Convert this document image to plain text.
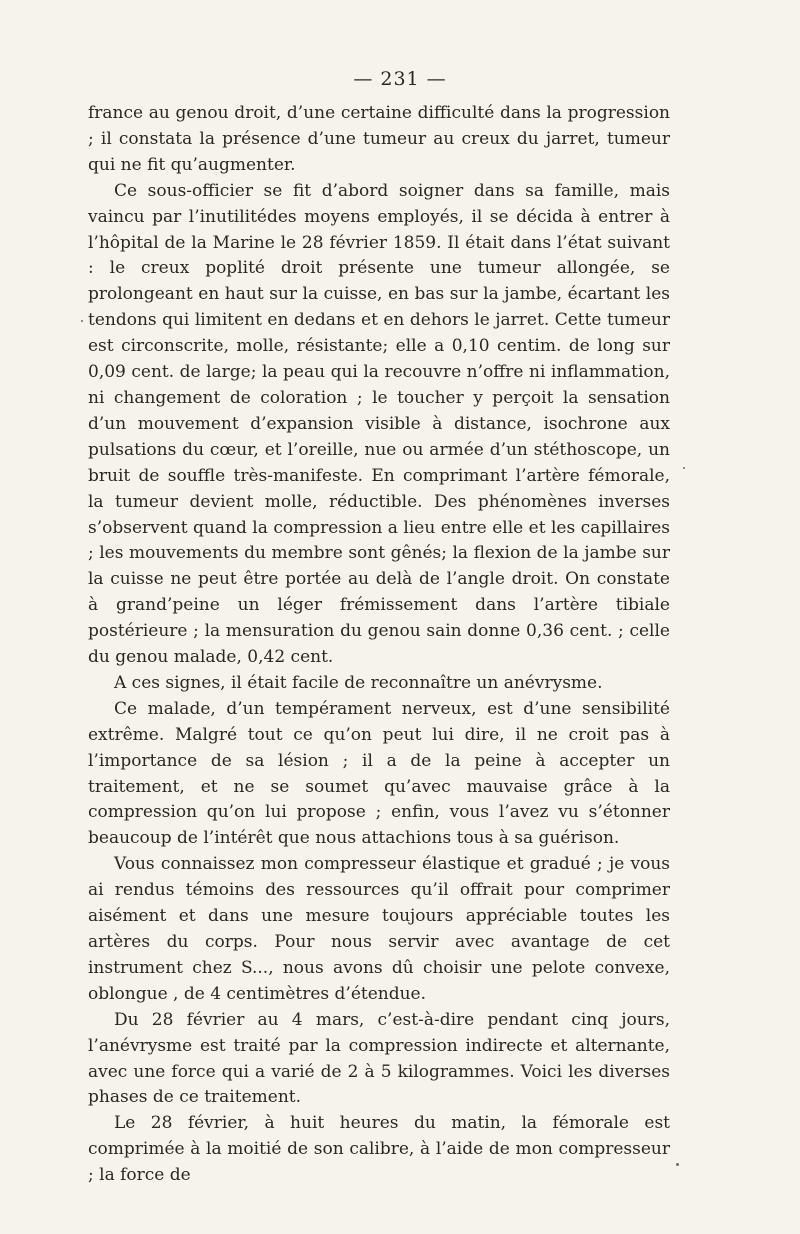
— 231 —

france au genou droit, d’une certaine difficulté dans la progression ; il constata la présence d’une tumeur au creux du jarret, tumeur qui ne fit qu’augmenter.

Ce sous-officier se fit d’abord soigner dans sa famille, mais vaincu par l’inutilitédes moyens employés, il se décida à entrer à l’hôpital de la Marine le 28 février 1859. Il était dans l’état suivant : le creux poplité droit présente une tumeur allongée, se prolongeant en haut sur la cuisse, en bas sur la jambe, écartant les tendons qui limitent en dedans et en dehors le jarret. Cette tumeur est circonscrite, molle, résistante; elle a 0,10 centim. de long sur 0,09 cent. de large; la peau qui la recouvre n’offre ni inflammation, ni changement de coloration ; le toucher y perçoit la sensation d’un mouvement d’expansion visible à distance, isochrone aux pulsations du cœur, et l’oreille, nue ou armée d’un stéthoscope, un bruit de souffle très-manifeste. En comprimant l’artère fémorale, la tumeur devient molle, réductible. Des phénomènes inverses s’observent quand la compression a lieu entre elle et les capillaires ; les mouvements du membre sont gênés; la flexion de la jambe sur la cuisse ne peut être portée au delà de l’angle droit. On constate à grand’peine un léger frémissement dans l’artère tibiale postérieure ; la mensuration du genou sain donne 0,36 cent. ; celle du genou malade, 0,42 cent.

A ces signes, il était facile de reconnaître un anévrysme.

Ce malade, d’un tempérament nerveux, est d’une sensibilité extrême. Malgré tout ce qu’on peut lui dire, il ne croit pas à l’importance de sa lésion ; il a de la peine à accepter un traitement, et ne se soumet qu’avec mauvaise grâce à la compression qu’on lui propose ; enfin, vous l’avez vu s’étonner beaucoup de l’intérêt que nous attachions tous à sa guérison.

Vous connaissez mon compresseur élastique et gradué ; je vous ai rendus témoins des ressources qu’il offrait pour comprimer aisément et dans une mesure toujours appréciable toutes les artères du corps. Pour nous servir avec avantage de cet instrument chez S..., nous avons dû choisir une pelote convexe, oblongue , de 4 centimètres d’étendue.

Du 28 février au 4 mars, c’est-à-dire pendant cinq jours, l’anévrysme est traité par la compression indirecte et alternante, avec une force qui a varié de 2 à 5 kilogrammes. Voici les diverses phases de ce traitement.

Le 28 février, à huit heures du matin, la fémorale est comprimée à la moitié de son calibre, à l’aide de mon compresseur ; la force de
